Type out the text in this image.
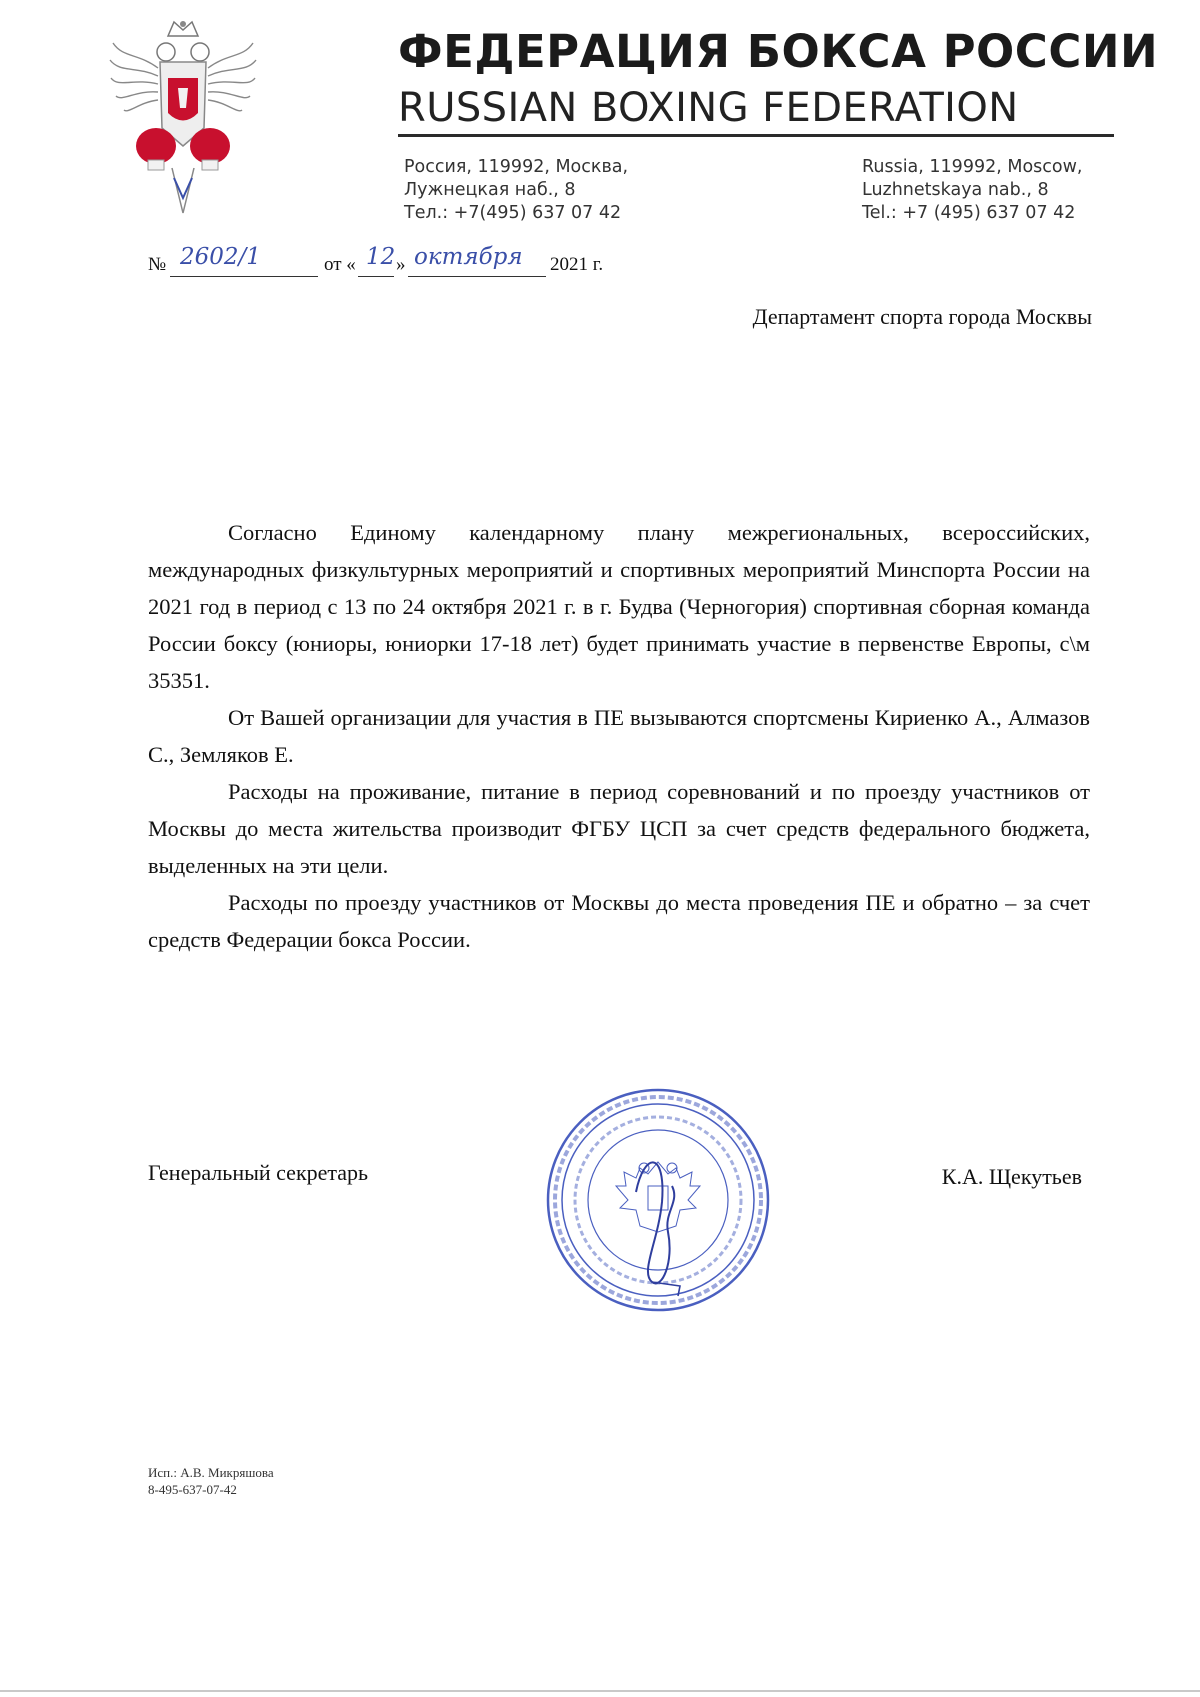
ФЕДЕРАЦИЯ БОКСА РОССИИ
RUSSIAN BOXING FEDERATION
Россия, 119992, Москва,
Лужнецкая наб., 8
Тел.: +7(495) 637 07 42
Russia, 119992, Moscow,
Luzhnetskaya nab., 8
Tel.: +7 (495) 637 07 42
№ 2602/1	от « 12 » октября 2021 г.
Департамент спорта города Москвы

Согласно Единому календарному плану межрегиональных, всероссийских, международных физкультурных мероприятий и спортивных мероприятий Минспорта России на 2021 год в период с 13 по 24 октября 2021 г. в г. Будва (Черногория) спортивная сборная команда России боксу (юниоры, юниорки 17-18 лет) будет принимать участие в первенстве Европы, с\м 35351.

От Вашей организации для участия в ПЕ вызываются спортсмены Кириенко А., Алмазов С., Земляков Е.

Расходы на проживание, питание в период соревнований и по проезду участников от Москвы до места жительства производит ФГБУ ЦСП за счет средств федерального бюджета, выделенных на эти цели.

Расходы по проезду участников от Москвы до места проведения ПЕ и обратно – за счет средств Федерации бокса России.

Генеральный секретарь	К.А. Щекутьев
Исп.: А.В. Микряшова
8-495-637-07-42
